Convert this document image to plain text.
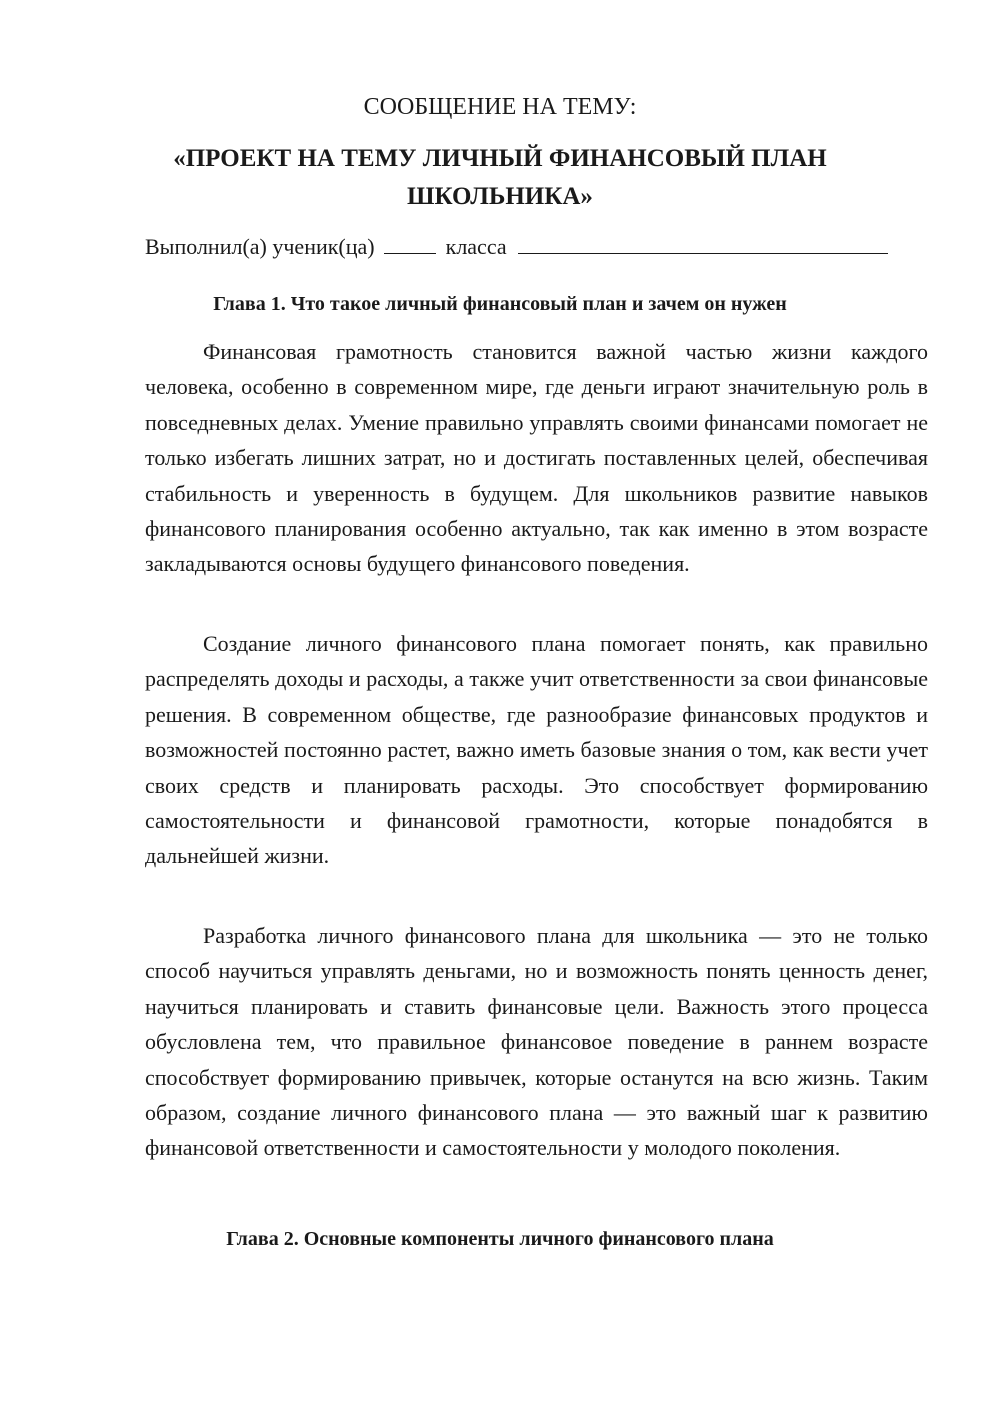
СООБЩЕНИЕ НА ТЕМУ:
«ПРОЕКТ НА ТЕМУ ЛИЧНЫЙ ФИНАНСОВЫЙ ПЛАН ШКОЛЬНИКА»
Выполнил(а) ученик(ца)	класса
Глава 1. Что такое личный финансовый план и зачем он нужен

Финансовая грамотность становится важной частью жизни каждого человека, особенно в современном мире, где деньги играют значительную роль в повседневных делах. Умение правильно управлять своими финансами помогает не только избегать лишних затрат, но и достигать поставленных целей, обеспечивая стабильность и уверенность в будущем. Для школьников развитие навыков финансового планирования особенно актуально, так как именно в этом возрасте закладываются основы будущего финансового поведения.

Создание личного финансового плана помогает понять, как правильно распределять доходы и расходы, а также учит ответственности за свои финансовые решения. В современном обществе, где разнообразие финансовых продуктов и возможностей постоянно растет, важно иметь базовые знания о том, как вести учет своих средств и планировать расходы. Это способствует формированию самостоятельности и финансовой грамотности, которые понадобятся в дальнейшей жизни.

Разработка личного финансового плана для школьника — это не только способ научиться управлять деньгами, но и возможность понять ценность денег, научиться планировать и ставить финансовые цели. Важность этого процесса обусловлена тем, что правильное финансовое поведение в раннем возрасте способствует формированию привычек, которые останутся на всю жизнь. Таким образом, создание личного финансового плана — это важный шаг к развитию финансовой ответственности и самостоятельности у молодого поколения.

Глава 2. Основные компоненты личного финансового плана
